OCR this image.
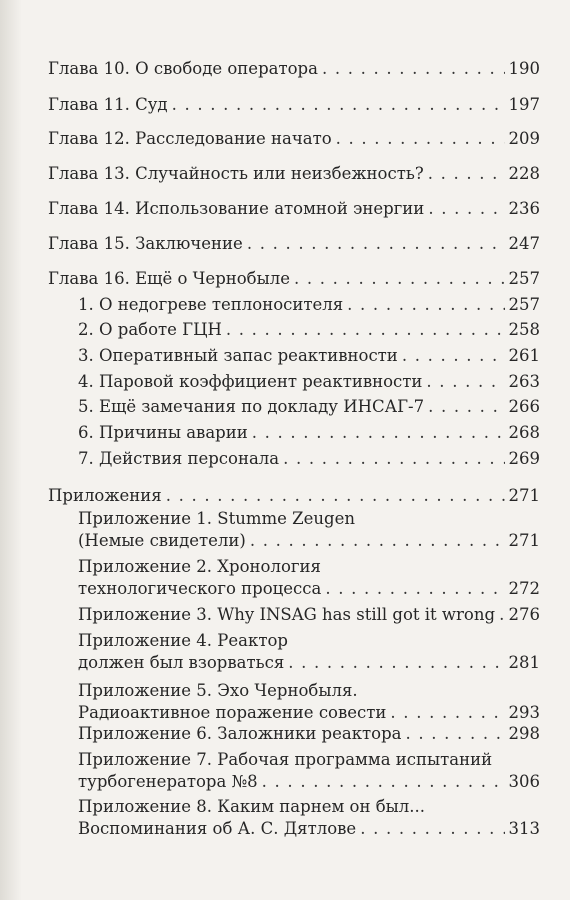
Глава 10. О свободе оператора . . .	190
Глава 11. Суд . . .	197
Глава 12. Расследование начато . . .	209
Глава 13. Случайность или неизбежность? . . .	228
Глава 14. Использование атомной энергии . . .	236
Глава 15. Заключение . . .	247
Глава 16. Ещё о Чернобыле . . .	257
1. О недогреве теплоносителя . . .	257
2. О работе ГЦН . . .	258
3. Оперативный запас реактивности . . .	261
4. Паровой коэффициент реактивности . . .	263
5. Ещё замечания по докладу ИНСАГ-7 . . .	266
6. Причины аварии . . .	268
7. Действия персонала . . .	269
Приложения . . .	271
Приложение 1. Stumme Zeugen
(Немые свидетели) . . .	271
Приложение 2. Хронология
технологического процесса . . .	272
Приложение 3. Why INSAG has still got it wrong . . . 276
Приложение 4. Реактор
должен был взорваться . . .	281
Приложение 5. Эхо Чернобыля.
Радиоактивное поражение совести . . .	293
Приложение 6. Заложники реактора . . .	298
Приложение 7. Рабочая программа испытаний
турбогенератора №8 . . .	306
Приложение 8. Каким парнем он был...
Воспоминания об А. С. Дятлове . . .	313
